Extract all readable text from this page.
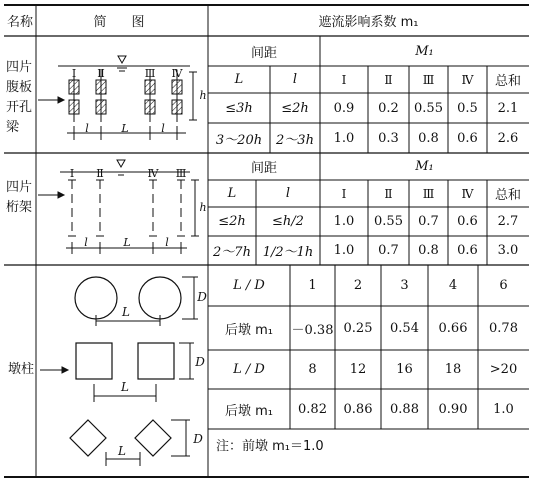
名称	简　图	遮流影响系数 m₁
四片
腹板
开孔
梁
Ⅰ	Ⅱ	Ⅲ Ⅳ
h
l	L	l
间距	M₁
L	l	Ⅰ	Ⅱ	Ⅲ	Ⅳ	总和
≤3h	≤2h	0.9	0.2	0.55	0.5	2.1
3～20h	2～3h	1.0	0.3	0.8	0.6	2.6
四片
桁架
Ⅰ	Ⅱ	Ⅳ Ⅲ
h
l	L	l
间距	M₁
L	l	Ⅰ	Ⅱ	Ⅲ	Ⅳ	总和
≤2h	≤h/2	1.0	0.55	0.7	0.6	2.7
2～7h 1/2～1h	1.0	0.7	0.8	0.6	3.0
墩柱
L
D
L
D
L
D
L / D	1	2	3	4	6
后墩 m₁	－0.38 0.25	0.54	0.66	0.78
L / D	8	12	16	18	>20
后墩 m₁	0.82	0.86	0.88	0.90	1.0
注：前墩 m₁＝1.0
